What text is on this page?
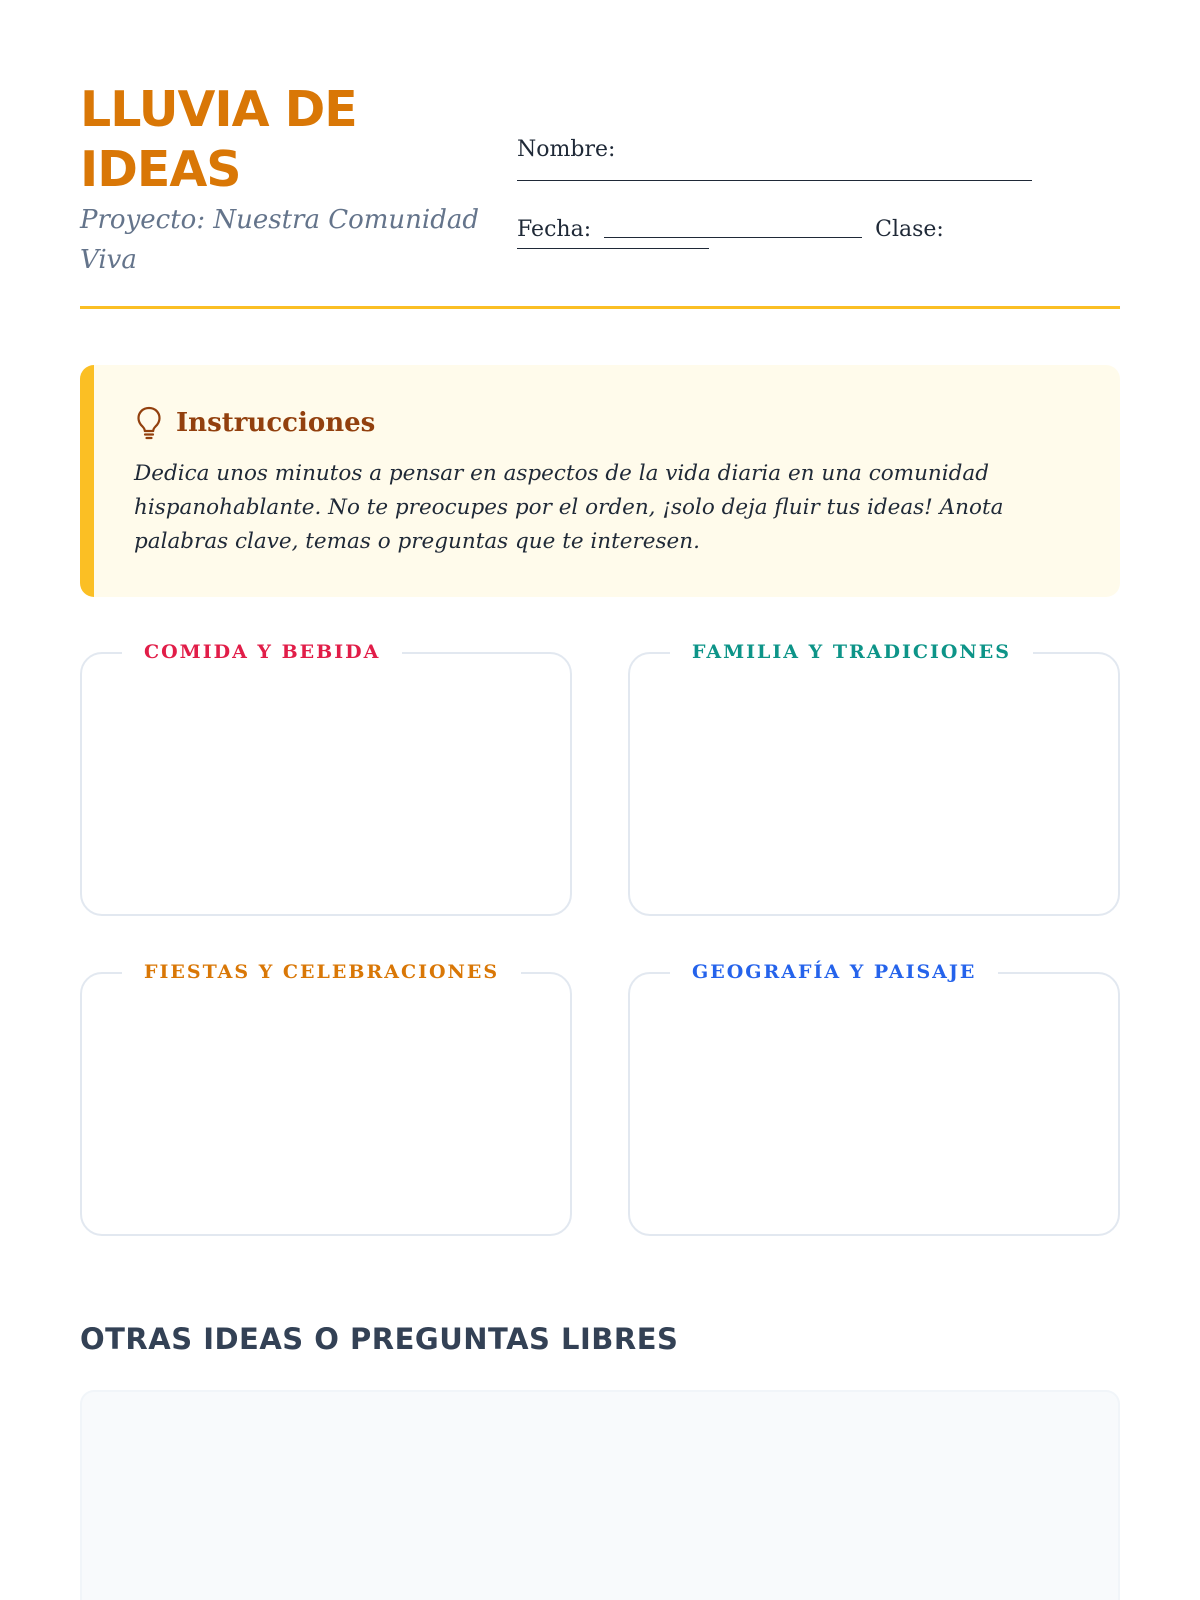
LLUVIA DE IDEAS
Proyecto: Nuestra Comunidad Viva
Nombre:
Fecha:	Clase:
Instrucciones
Dedica unos minutos a pensar en aspectos de la vida diaria en una comunidad hispanohablante. No te preocupes por el orden, ¡solo deja fluir tus ideas! Anota palabras clave, temas o preguntas que te interesen.
COMIDA Y BEBIDA	FAMILIA Y TRADICIONES
FIESTAS Y CELEBRACIONES	GEOGRAFÍA Y PAISAJE
OTRAS IDEAS O PREGUNTAS LIBRES
